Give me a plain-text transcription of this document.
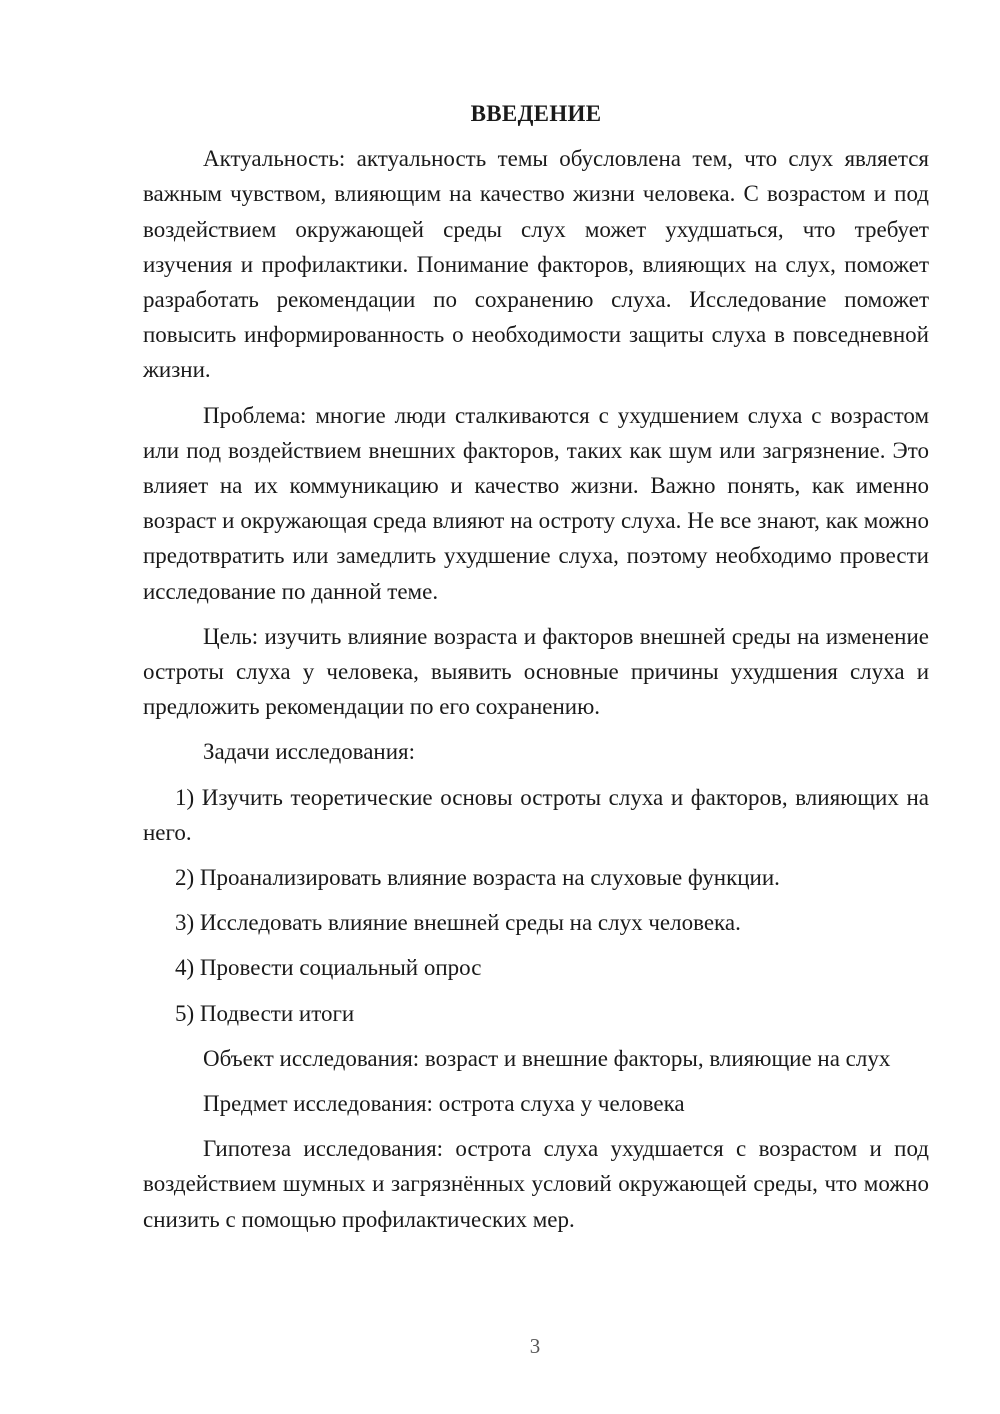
ВВЕДЕНИЕ

Актуальность: актуальность темы обусловлена тем, что слух является важным чувством, влияющим на качество жизни человека. С возрастом и под воздействием окружающей среды слух может ухудшаться, что требует изучения и профилактики. Понимание факторов, влияющих на слух, поможет разработать рекомендации по сохранению слуха. Исследование поможет повысить информированность о необходимости защиты слуха в повседневной жизни.

Проблема: многие люди сталкиваются с ухудшением слуха с возрастом или под воздействием внешних факторов, таких как шум или загрязнение. Это влияет на их коммуникацию и качество жизни. Важно понять, как именно возраст и окружающая среда влияют на остроту слуха. Не все знают, как можно предотвратить или замедлить ухудшение слуха, поэтому необходимо провести исследование по данной теме.

Цель: изучить влияние возраста и факторов внешней среды на изменение остроты слуха у человека, выявить основные причины ухудшения слуха и предложить рекомендации по его сохранению.

Задачи исследования:

1) Изучить теоретические основы остроты слуха и факторов, влияющих на него.

2) Проанализировать влияние возраста на слуховые функции.

3) Исследовать влияние внешней среды на слух человека.

4) Провести социальный опрос

5) Подвести итоги

Объект исследования: возраст и внешние факторы, влияющие на слух

Предмет исследования: острота слуха у человека

Гипотеза исследования: острота слуха ухудшается с возрастом и под воздействием шумных и загрязнённых условий окружающей среды, что можно снизить с помощью профилактических мер.

3
